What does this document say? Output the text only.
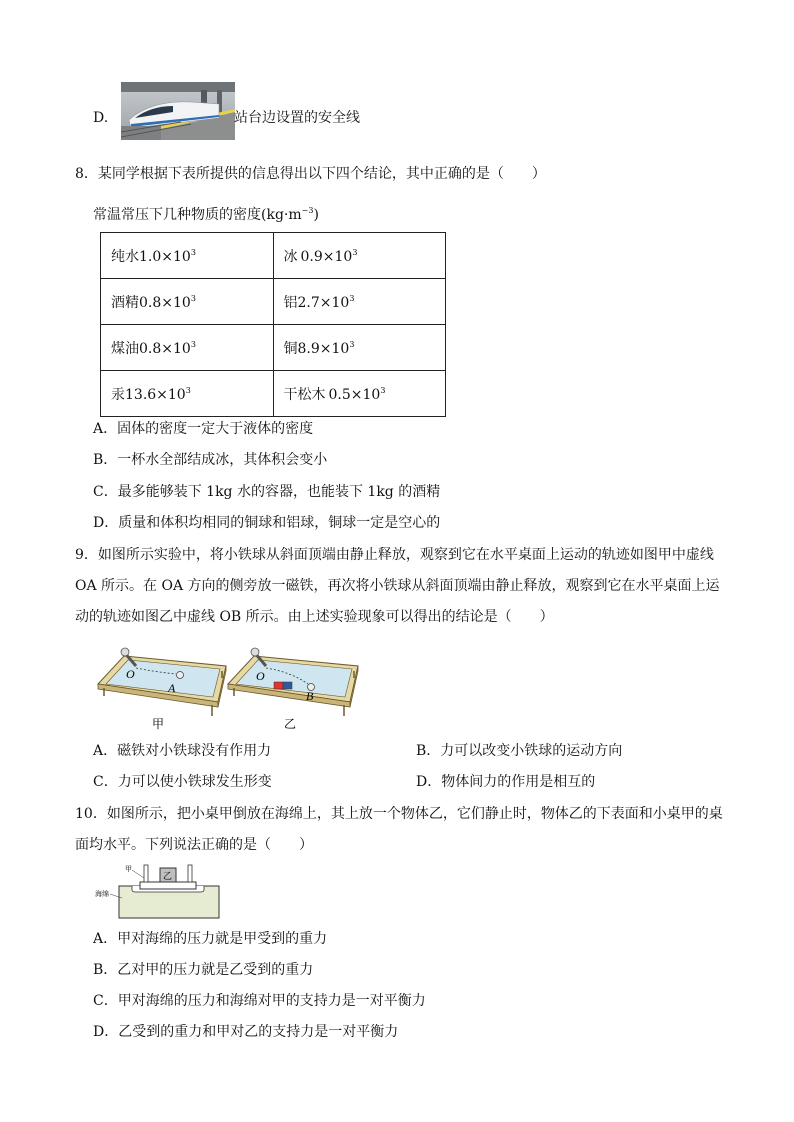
D.	站台边设置的安全线
8．某同学根据下表所提供的信息得出以下四个结论，其中正确的是（　　）
常温常压下几种物质的密度$(kg\cdot m^{-3})$
纯水$1.0\times 10^3$	冰 $0.9\times 10^3$
酒精$0.8\times 10^3$	铝$2.7\times 10^3$
煤油$0.8\times 10^3$	铜$8.9\times 10^3$
汞$13.6\times 10^3$	干松木 $0.5\times 10^3$
A．固体的密度一定大于液体的密度
B．一杯水全部结成冰，其体积会变小
C．最多能够装下 1kg 水的容器，也能装下 1kg 的酒精
D．质量和体积均相同的铜球和铝球，铜球一定是空心的
9．如图所示实验中，将小铁球从斜面顶端由静止释放，观察到它在水平桌面上运动的轨迹如图甲中虚线
OA 所示。在 OA 方向的侧旁放一磁铁，再次将小铁球从斜面顶端由静止释放，观察到它在水平桌面上运
动的轨迹如图乙中虚线 OB 所示。由上述实验现象可以得出的结论是（　　）
O
A
甲
O
B
乙
A．磁铁对小铁球没有作用力	B．力可以改变小铁球的运动方向
C．力可以使小铁球发生形变	D．物体间力的作用是相互的
10．如图所示，把小桌甲倒放在海绵上，其上放一个物体乙，它们静止时，物体乙的下表面和小桌甲的桌
面均水平。下列说法正确的是（　　）
乙
甲
海绵
A．甲对海绵的压力就是甲受到的重力
B．乙对甲的压力就是乙受到的重力
C．甲对海绵的压力和海绵对甲的支持力是一对平衡力
D．乙受到的重力和甲对乙的支持力是一对平衡力
